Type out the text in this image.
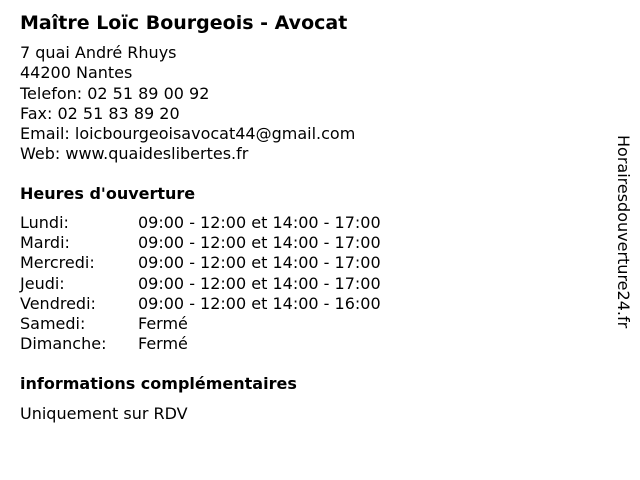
Maître Loïc Bourgeois - Avocat
7 quai André Rhuys
44200 Nantes
Telefon: 02 51 89 00 92
Fax: 02 51 83 89 20
Email: loicbourgeoisavocat44@gmail.com
Web: www.quaideslibertes.fr
Heures d'ouverture
Lundi:	09:00 - 12:00 et 14:00 - 17:00
Mardi:	09:00 - 12:00 et 14:00 - 17:00
Mercredi:	09:00 - 12:00 et 14:00 - 17:00
Jeudi:	09:00 - 12:00 et 14:00 - 17:00
Vendredi:	09:00 - 12:00 et 14:00 - 16:00
Samedi:	Fermé
Dimanche: Fermé
informations complémentaires
Uniquement sur RDV
Horairesdouverture24.fr
